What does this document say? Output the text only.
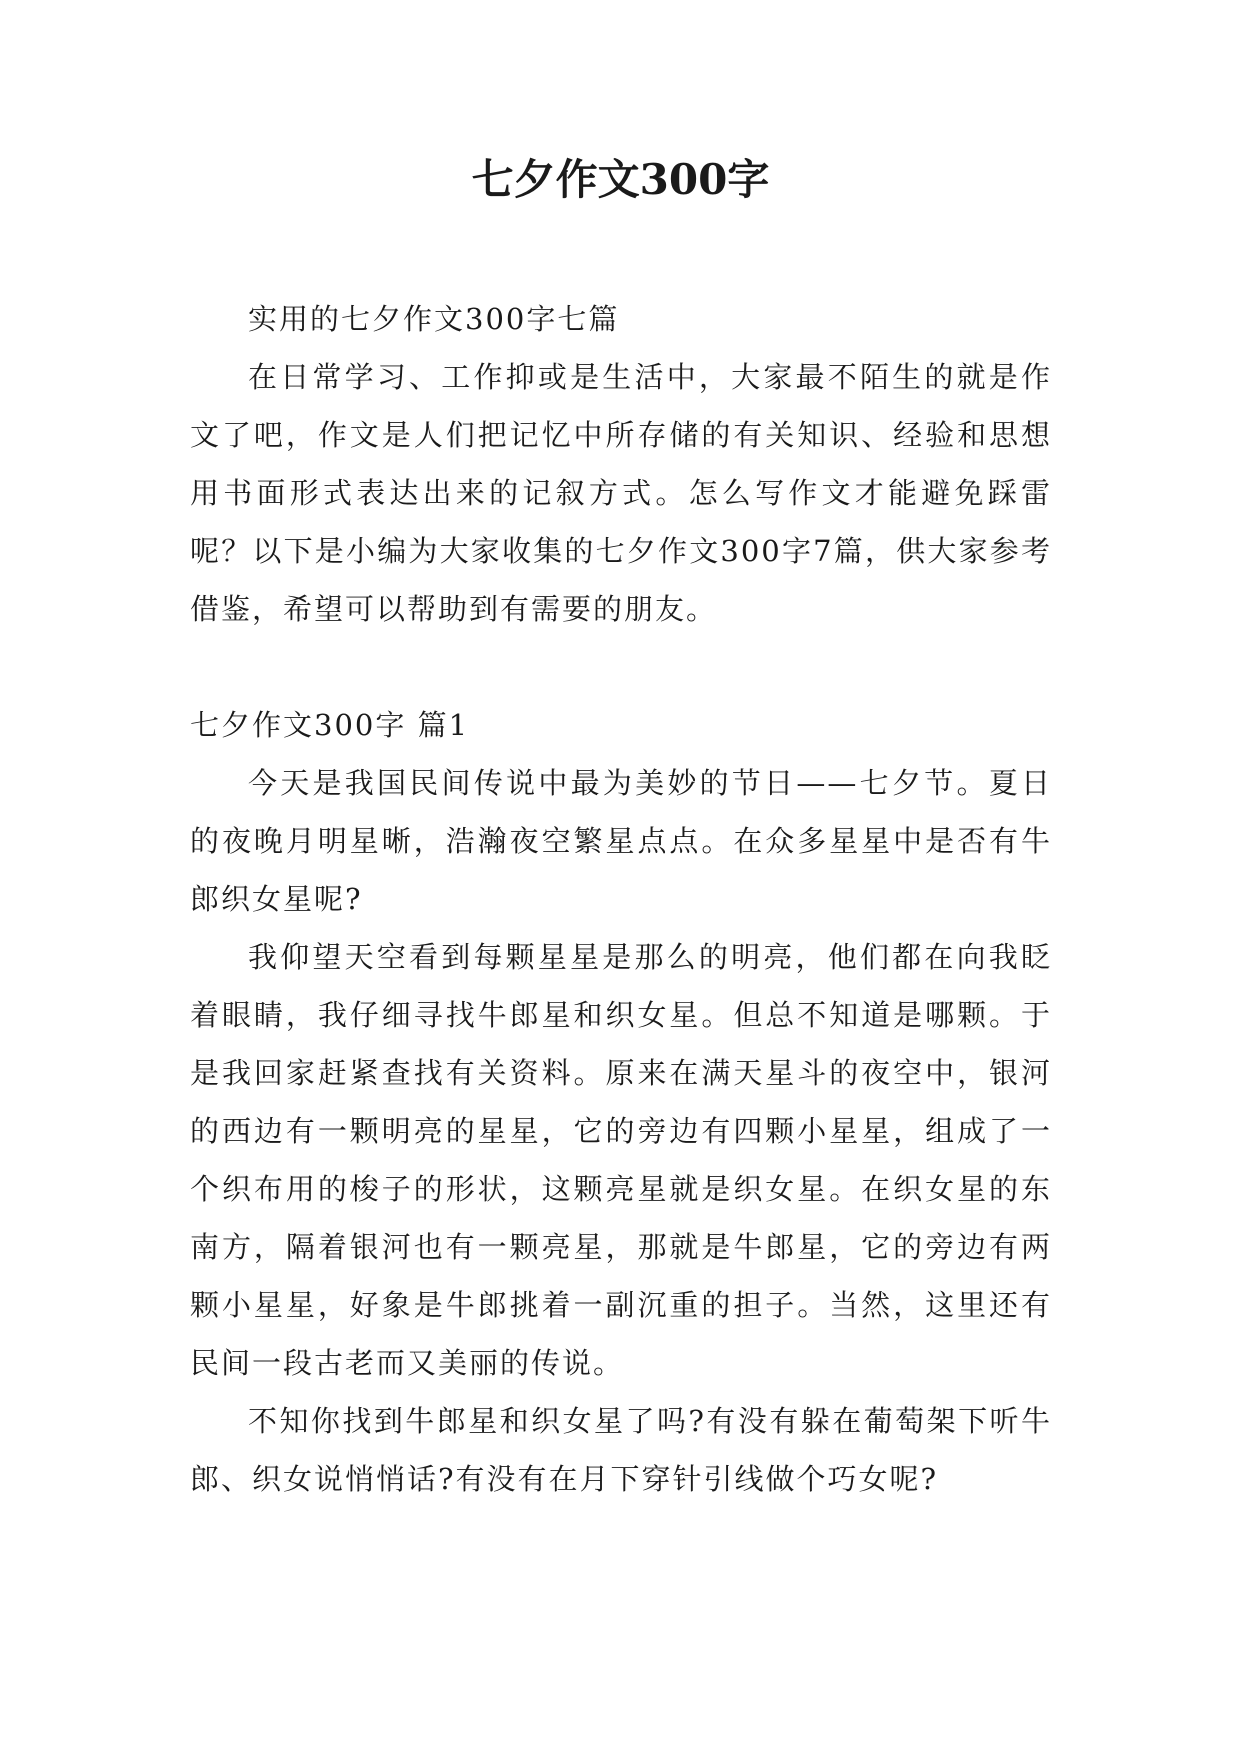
七夕作文300字

实用的七夕作文300字七篇

在日常学习、工作抑或是生活中，大家最不陌生的就是作文了吧，作文是人们把记忆中所存储的有关知识、经验和思想用书面形式表达出来的记叙方式。怎么写作文才能避免踩雷呢？以下是小编为大家收集的七夕作文300字7篇，供大家参考借鉴，希望可以帮助到有需要的朋友。

七夕作文300字 篇1

今天是我国民间传说中最为美妙的节日——七夕节。夏日的夜晚月明星晰，浩瀚夜空繁星点点。在众多星星中是否有牛郎织女星呢?

我仰望天空看到每颗星星是那么的明亮，他们都在向我眨着眼睛，我仔细寻找牛郎星和织女星。但总不知道是哪颗。于是我回家赶紧查找有关资料。原来在满天星斗的夜空中，银河的西边有一颗明亮的星星，它的旁边有四颗小星星，组成了一个织布用的梭子的形状，这颗亮星就是织女星。在织女星的东南方，隔着银河也有一颗亮星，那就是牛郎星，它的旁边有两颗小星星，好象是牛郎挑着一副沉重的担子。当然，这里还有民间一段古老而又美丽的传说。

不知你找到牛郎星和织女星了吗?有没有躲在葡萄架下听牛郎、织女说悄悄话?有没有在月下穿针引线做个巧女呢?
